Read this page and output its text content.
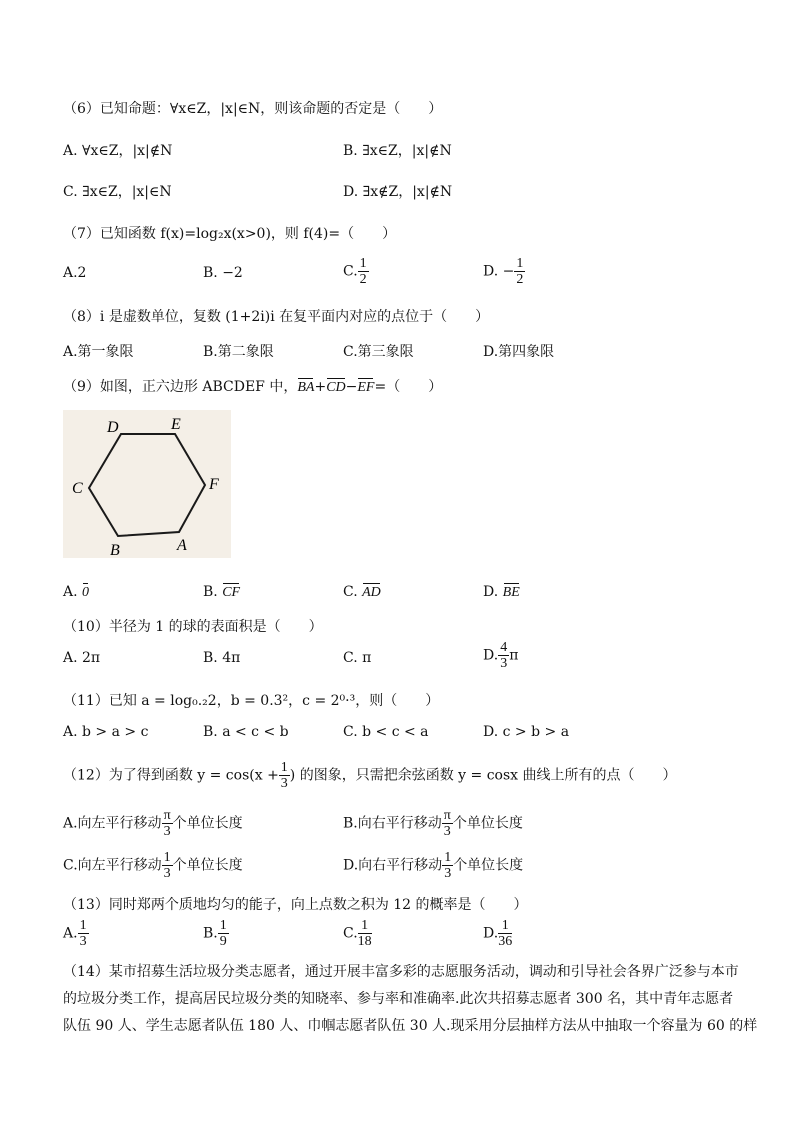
（6）已知命题：∀x∈Z，|x|∈N，则该命题的否定是（　　）
A. ∀x∈Z，|x|∉N	B. ∃x∈Z，|x|∉N
C. ∃x∈Z，|x|∈N	D. ∃x∉Z，|x|∉N
（7）已知函数 f(x)=log₂x(x>0)，则 f(4)=（　　）
A.2	B. −2	C. $\frac{1}{2}$	D. − $\frac{1}{2}$
（8）i 是虚数单位，复数 (1+2i)i 在复平面内对应的点位于（　　）
A.第一象限	B.第二象限	C.第三象限	D.第四象限
（9）如图，正六边形 ABCDEF 中，BA+CD−EF=（　　）
D	E
C	F
B	A
A. 0	B. CF	C. AD	D. BE
（10）半径为 1 的球的表面积是（　　）
A. 2π	B. 4π	C. π	D. $\frac{4}{3}$ π
（11）已知 a = log₀.₂2，b = 0.3²，c = 2⁰·³，则（　　）
A. b > a > c	B. a < c < b	C. b < c < a	D. c > b > a
（12）为了得到函数 $y = \cos(x + \frac{1}{3}$ ) 的图象，只需把余弦函数 y = cosx 曲线上所有的点（　　）
A.向左平行移动 $\frac{\pi}{3}$ 个单位长度	B.向右平行移动 $\frac{\pi}{3}$ 个单位长度
C.向左平行移动 $\frac{1}{3}$ 个单位长度	D.向右平行移动 $\frac{1}{3}$ 个单位长度
（13）同时郑两个质地均匀的能子，向上点数之积为 12 的概率是（　　）
A. $\frac{1}{3}$	B. $\frac{1}{9}$	C. $\frac{1}{18}$	D. $\frac{1}{36}$
（14）某市招募生活垃圾分类志愿者，通过开展丰富多彩的志愿服务活动，调动和引导社会各界广泛参与本市
的垃圾分类工作，提高居民垃圾分类的知晓率、参与率和准确率.此次共招募志愿者 300 名，其中青年志愿者
队伍 90 人、学生志愿者队伍 180 人、巾帼志愿者队伍 30 人.现采用分层抽样方法从中抽取一个容量为 60 的样
